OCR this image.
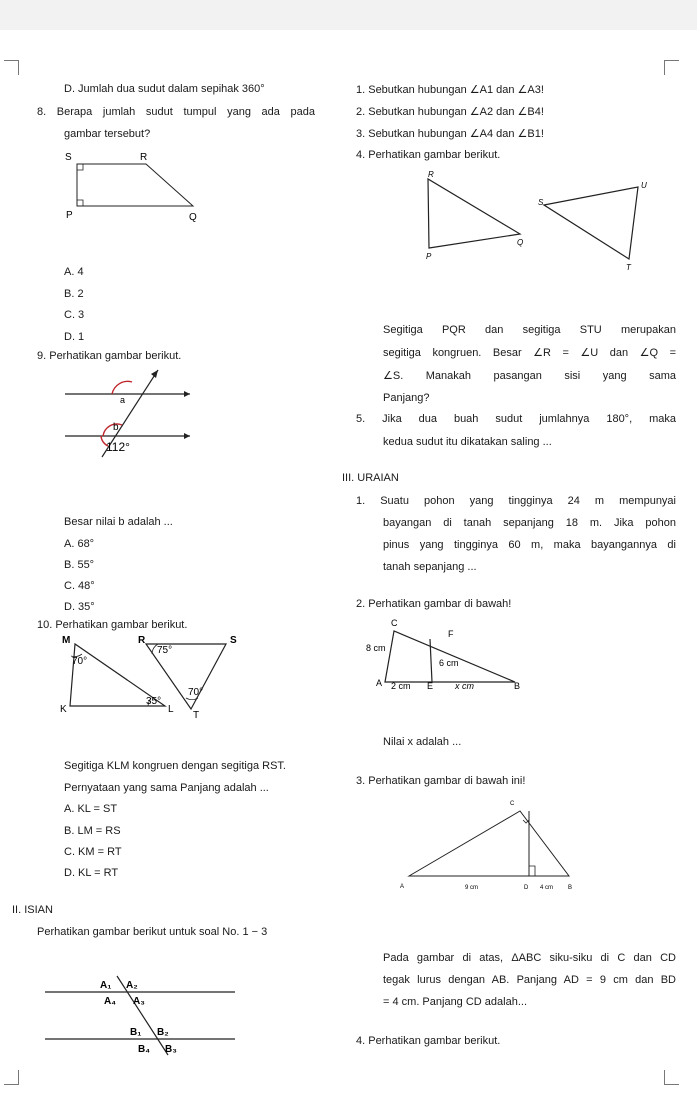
D. Jumlah dua sudut dalam sepihak 360°
8. Berapa jumlah sudut tumpul yang ada pada
gambar tersebut?
S	R
P	Q
A. 4
B. 2
C. 3
D. 1
9. Perhatikan gambar berikut.
a
b
112°
Besar nilai b adalah ...
A. 68°
B. 55°
C. 48°
D. 35°
10. Perhatikan gambar berikut.
M
K	L
R	S
T
70°
35°
75°
70°
Segitiga KLM kongruen dengan segitiga RST.
Pernyataan yang sama Panjang adalah ...
A. KL = ST
B. LM = RS
C. KM = RT
D. KL = RT
II. ISIAN
Perhatikan gambar berikut untuk soal No. 1 − 3
A₁ A₂
A₄ A₃
B₁ B₂
B₄ B₃
1. Sebutkan hubungan ∠A1 dan ∠A3!
2. Sebutkan hubungan ∠A2 dan ∠B4!
3. Sebutkan hubungan ∠A4 dan ∠B1!
4. Perhatikan gambar berikut.
R
P
Q
S
U
T
Segitiga PQR dan segitiga STU merupakan
segitiga kongruen. Besar ∠R = ∠U dan ∠Q =
∠S. Manakah pasangan sisi yang sama
Panjang?
5. Jika dua buah sudut jumlahnya 180°, maka
kedua sudut itu dikatakan saling ...
III. URAIAN
1. Suatu pohon yang tingginya 24 m mempunyai
bayangan di tanah sepanjang 18 m. Jika pohon
pinus yang tingginya 60 m, maka bayangannya di
tanah sepanjang ...
2. Perhatikan gambar di bawah!
C
F
8 cm
6 cm
A 2 cm E x cm	B
Nilai x adalah ...
3. Perhatikan gambar di bawah ini!
C
A	9 cm	D 4 cm B
Pada gambar di atas, ΔABC siku-siku di C dan CD
tegak lurus dengan AB. Panjang AD = 9 cm dan BD
= 4 cm. Panjang CD adalah...
4. Perhatikan gambar berikut.
